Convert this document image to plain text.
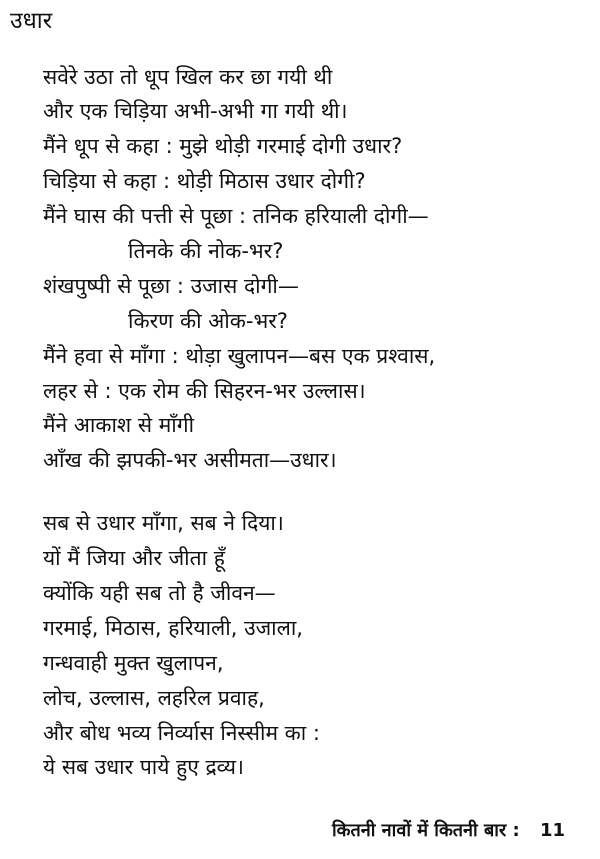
उधार
सवेरे उठा तो धूप खिल कर छा गयी थी
और एक चिड़िया अभी-अभी गा गयी थी।
मैंने धूप से कहा : मुझे थोड़ी गरमाई दोगी उधार?
चिड़िया से कहा : थोड़ी मिठास उधार दोगी?
मैंने घास की पत्ती से पूछा : तनिक हरियाली दोगी—
तिनके की नोक-भर?
शंखपुष्पी से पूछा : उजास दोगी—
किरण की ओक-भर?
मैंने हवा से माँगा : थोड़ा खुलापन—बस एक प्रश्वास,
लहर से : एक रोम की सिहरन-भर उल्लास।
मैंने आकाश से माँगी
आँख की झपकी-भर असीमता—उधार।
सब से उधार माँगा, सब ने दिया।
यों मैं जिया और जीता हूँ
क्योंकि यही सब तो है जीवन—
गरमाई, मिठास, हरियाली, उजाला,
गन्धवाही मुक्त खुलापन,
लोच, उल्लास, लहरिल प्रवाह,
और बोध भव्य निर्व्यास निस्सीम का :
ये सब उधार पाये हुए द्रव्य।
कितनी नावों में कितनी बार : 11
